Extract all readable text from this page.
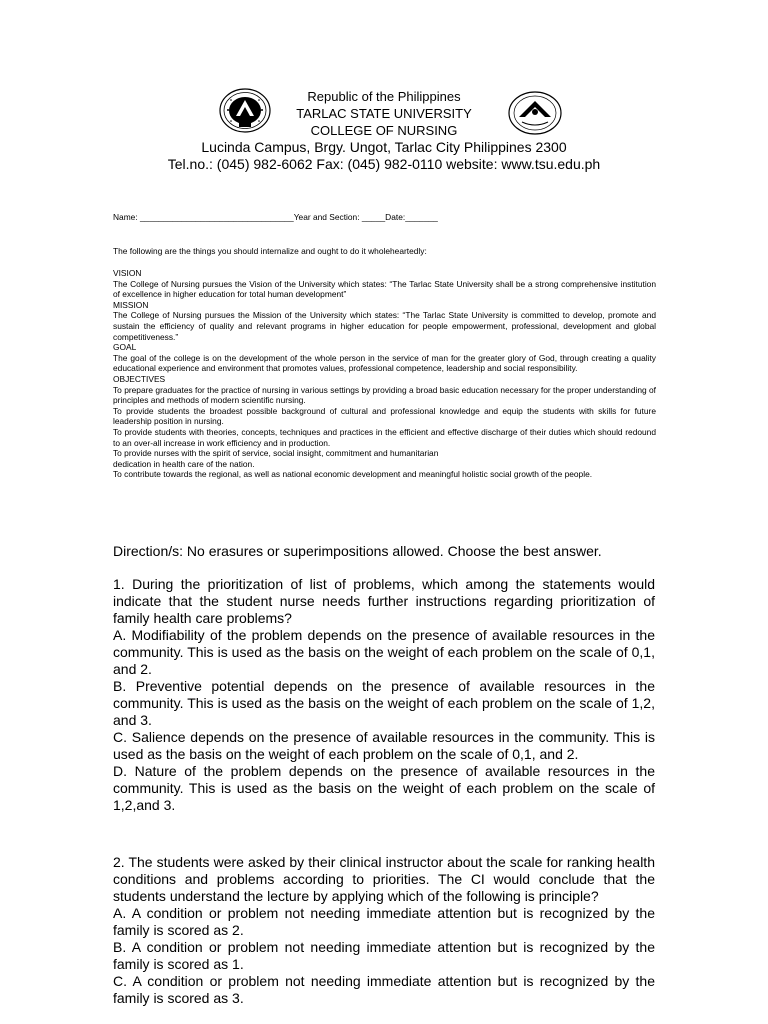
Republic of the Philippines
TARLAC STATE UNIVERSITY
COLLEGE OF NURSING
Lucinda Campus, Brgy. Ungot, Tarlac City Philippines 2300
Tel.no.: (045) 982-6062 Fax: (045) 982-0110 website: www.tsu.edu.ph
Name: _________________________________Year and Section: _____Date:_______
The following are the things you should internalize and ought to do it wholeheartedly:

VISION

The College of Nursing pursues the Vision of the University which states: “The Tarlac State University shall be a strong comprehensive institution of excellence in higher education for total human development”

MISSION

The College of Nursing pursues the Mission of the University which states: “The Tarlac State University is committed to develop, promote and sustain the efficiency of quality and relevant programs in higher education for people empowerment, professional, development and global competitiveness.”

GOAL

The goal of the college is on the development of the whole person in the service of man for the greater glory of God, through creating a quality educational experience and environment that promotes values, professional competence, leadership and social responsibility.

OBJECTIVES

To prepare graduates for the practice of nursing in various settings by providing a broad basic education necessary for the proper understanding of principles and methods of modern scientific nursing.

To provide students the broadest possible background of cultural and professional knowledge and equip the students with skills for future leadership position in nursing.

To provide students with theories, concepts, techniques and practices in the efficient and effective discharge of their duties which should redound to an over-all increase in work efficiency and in production.

To provide nurses with the spirit of service, social insight, commitment and humanitarian

dedication in health care of the nation.

To contribute towards the regional, as well as national economic development and meaningful holistic social growth of the people.

Direction/s: No erasures or superimpositions allowed. Choose the best answer.

1. During the prioritization of list of problems, which among the statements would indicate that the student nurse needs further instructions regarding prioritization of family health care problems?

A. Modifiability of the problem depends on the presence of available resources in the community. This is used as the basis on the weight of each problem on the scale of 0,1, and 2.

B. Preventive potential depends on the presence of available resources in the community. This is used as the basis on the weight of each problem on the scale of 1,2, and 3.

C. Salience depends on the presence of available resources in the community. This is used as the basis on the weight of each problem on the scale of 0,1, and 2.

D. Nature of the problem depends on the presence of available resources in the community. This is used as the basis on the weight of each problem on the scale of 1,2,and 3.

2. The students were asked by their clinical instructor about the scale for ranking health conditions and problems according to priorities. The CI would conclude that the students understand the lecture by applying which of the following is principle?

A. A condition or problem not needing immediate attention but is recognized by the family is scored as 2.

B. A condition or problem not needing immediate attention but is recognized by the family is scored as 1.

C. A condition or problem not needing immediate attention but is recognized by the family is scored as 3.
